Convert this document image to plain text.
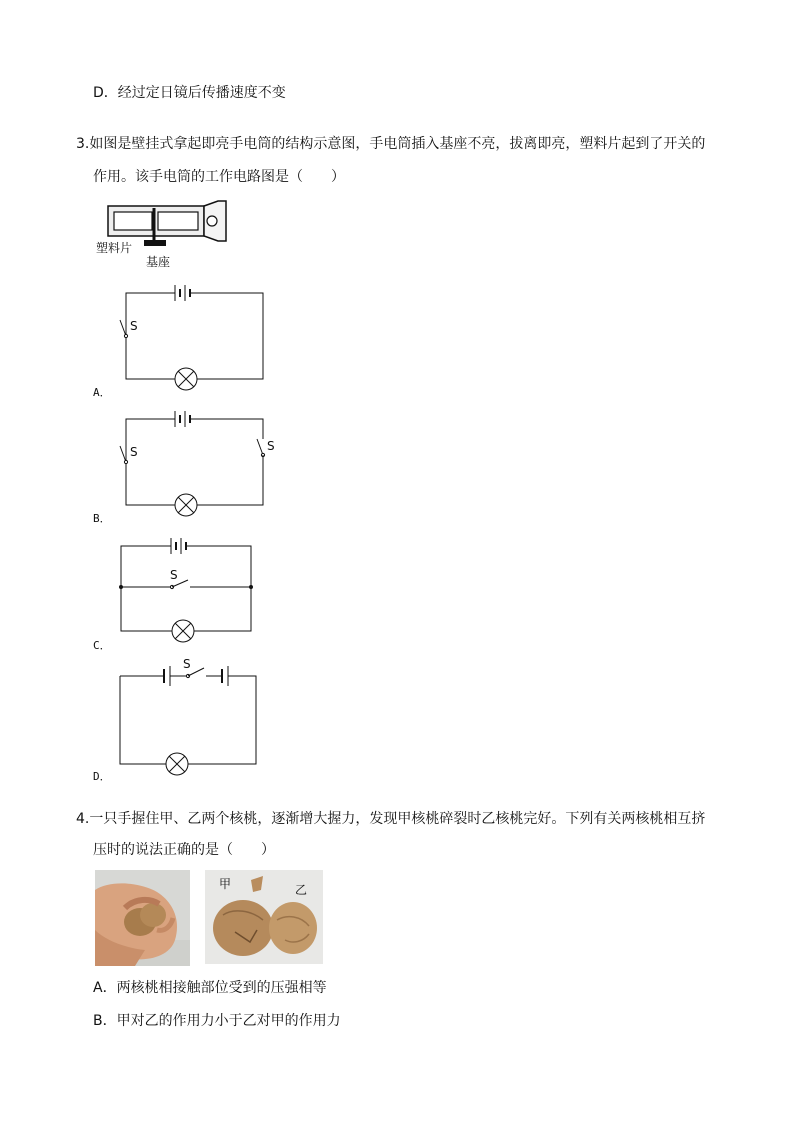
D．经过定日镜后传播速度不变
3.如图是壁挂式拿起即亮手电筒的结构示意图，手电筒插入基座不亮，拔离即亮，塑料片起到了开关的
作用。该手电筒的工作电路图是（　　）
塑料片
基座
S
A．
S	S
B．
S
C．
S
D．
4.一只手握住甲、乙两个核桃，逐渐增大握力，发现甲核桃碎裂时乙核桃完好。下列有关两核桃相互挤
压时的说法正确的是（　　）
甲	乙
A．两核桃相接触部位受到的压强相等
B．甲对乙的作用力小于乙对甲的作用力
